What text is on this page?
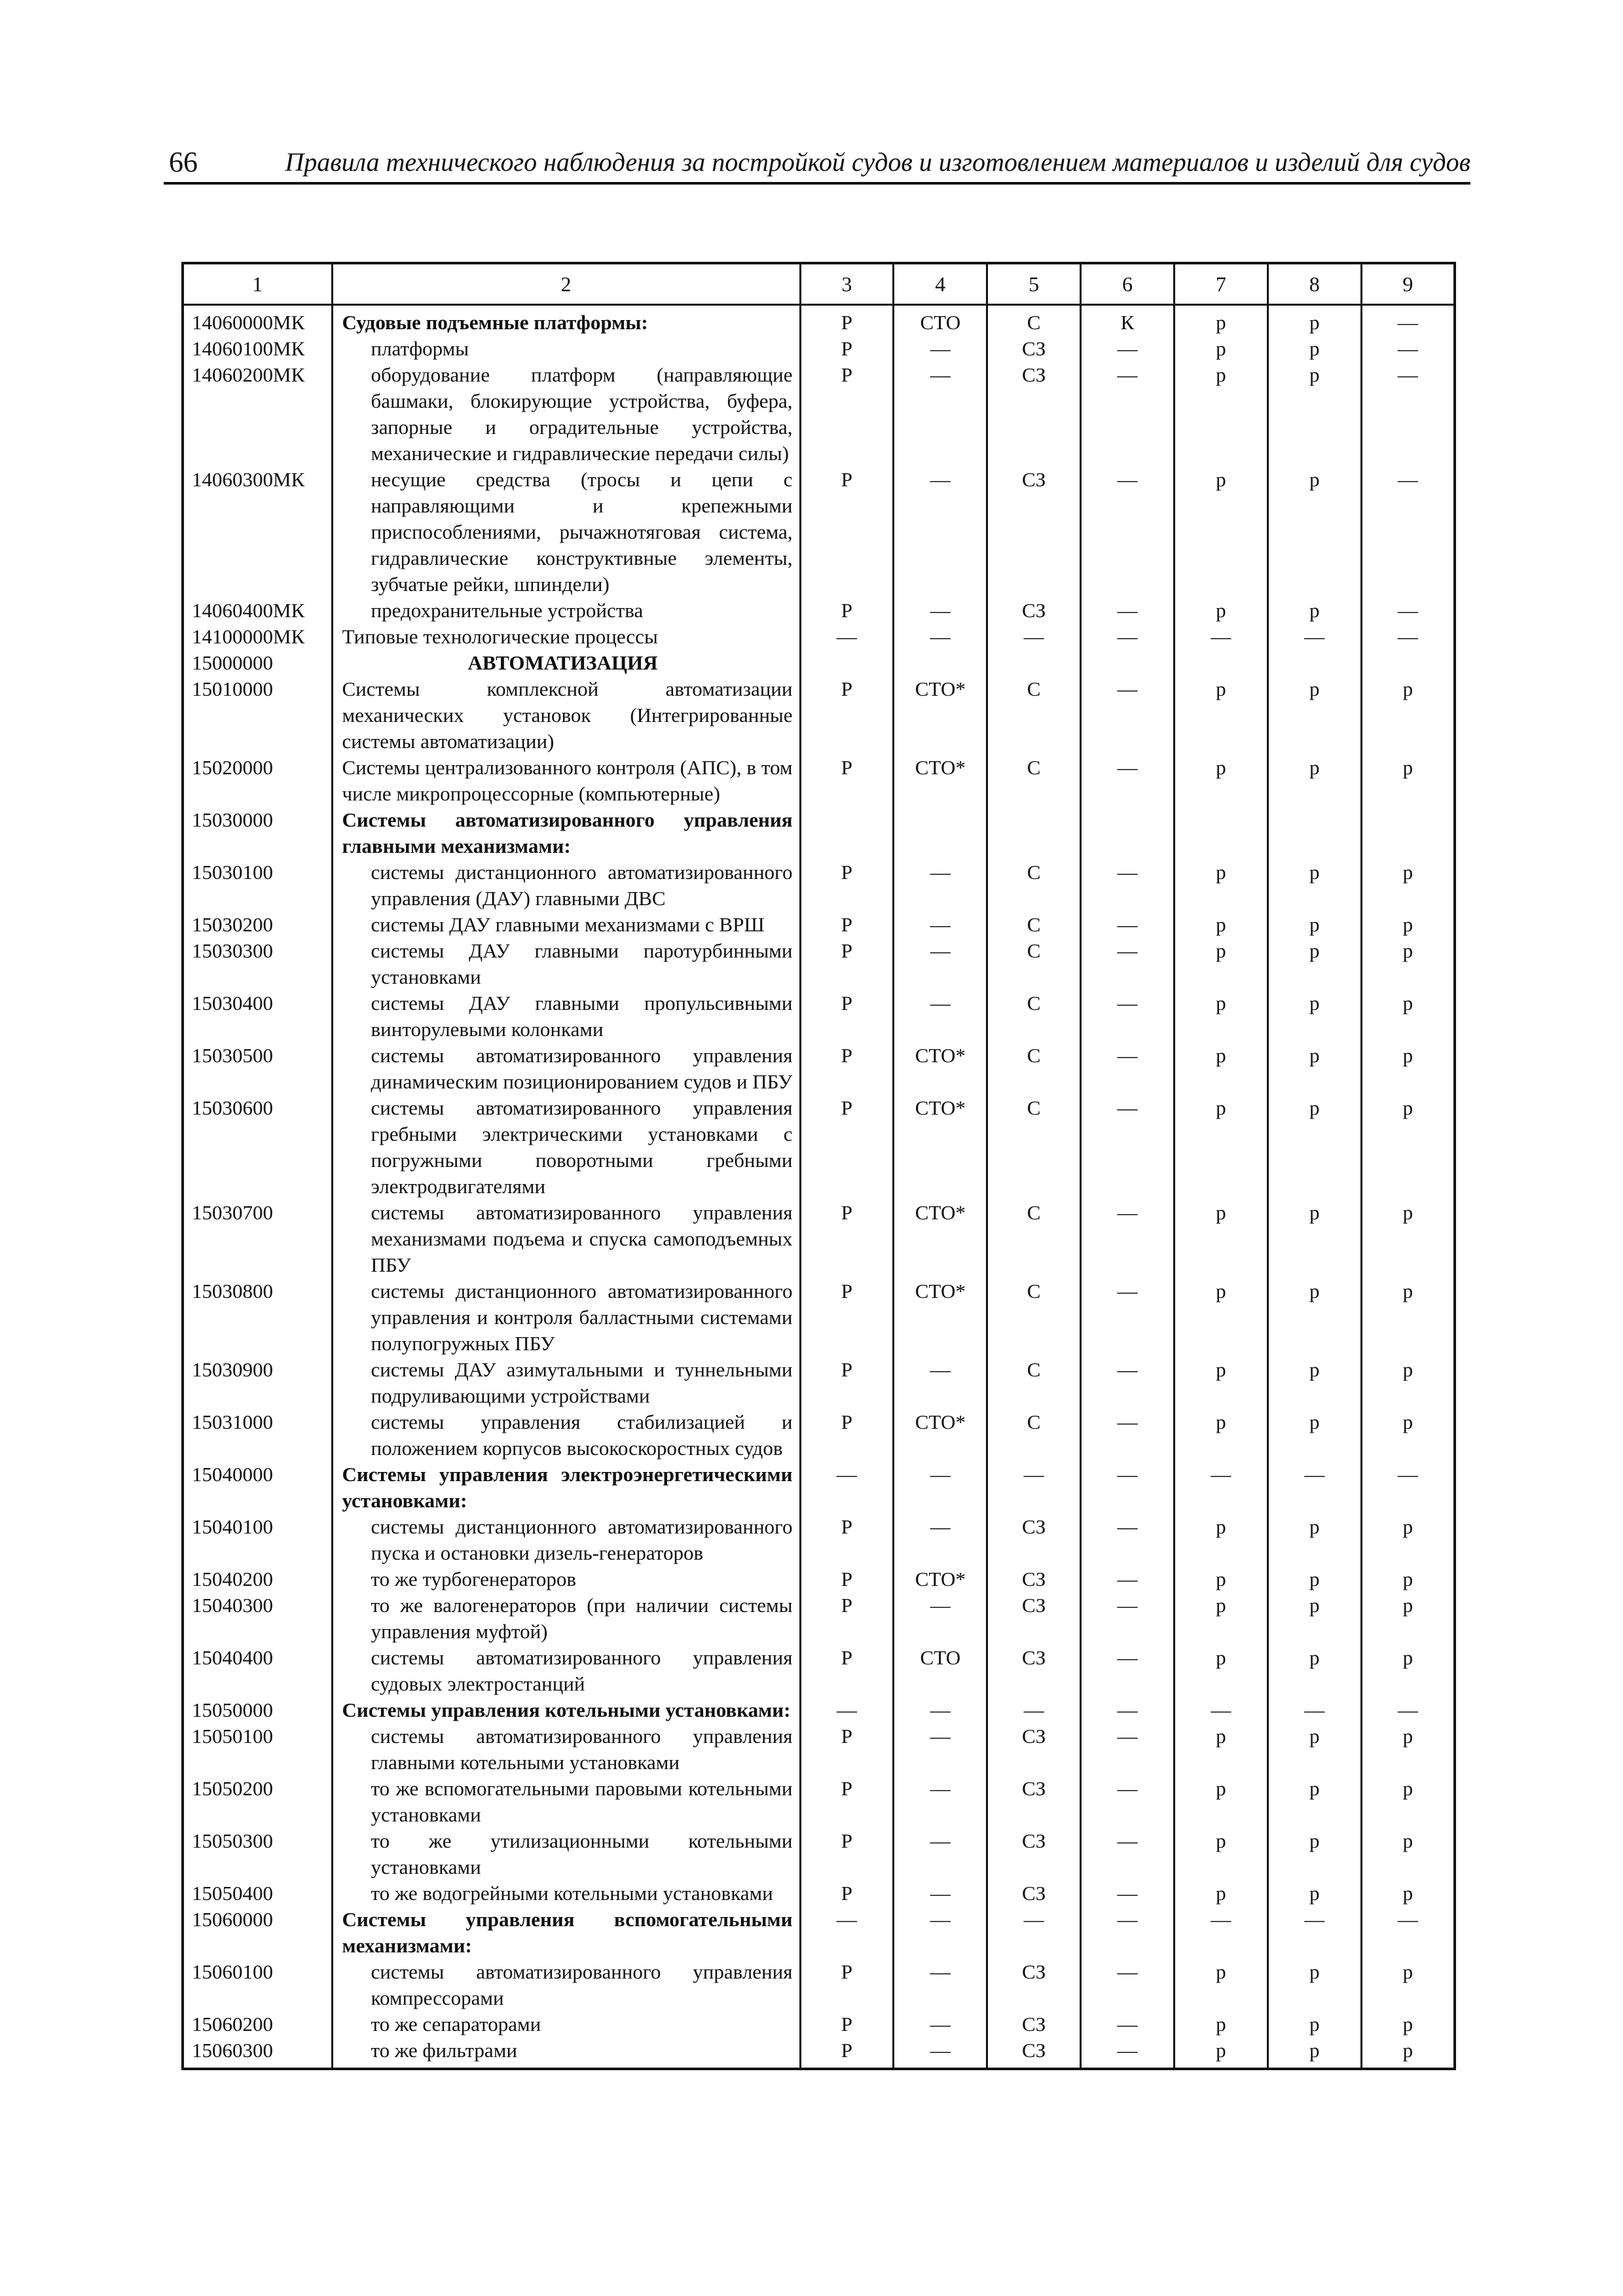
66	Правила технического наблюдения за постройкой судов и изготовлением материалов и изделий для судов
1	2	3	4	5	6	7	8	9
14060000МК	Судовые подъемные платформы:	Р	СТО	С	К	р	р	—
14060100МК	платформы	Р	—	СЗ	—	р	р	—
14060200МК	оборудование платформ (направляющие башмаки, блокирующие устройства, буфера, запорные и оградительные устройства, механические и гидравлические передачи силы)	Р	—	СЗ	—	р	р	—
14060300МК	несущие средства (тросы и цепи с направляющими и крепежными приспособлениями, рычажнотяговая система, гидравлические конструктивные элементы, зубчатые рейки, шпиндели)	Р	—	СЗ	—	р	р	—
14060400МК	предохранительные устройства	Р	—	СЗ	—	р	р	—
14100000МК	Типовые технологические процессы	—	—	—	—	—	—	—
15000000	АВТОМАТИЗАЦИЯ							
15010000	Системы комплексной автоматизации механических установок (Интегрированные системы автоматизации)	Р	СТО*	С	—	р	р	р
15020000	Системы централизованного контроля (АПС), в том числе микропроцессорные (компьютерные)	Р	СТО*	С	—	р	р	р
15030000	Системы автоматизированного управления главными механизмами:							
15030100	системы дистанционного автоматизированного управления (ДАУ) главными ДВС	Р	—	С	—	р	р	р
15030200	системы ДАУ главными механизмами с ВРШ	Р	—	С	—	р	р	р
15030300	системы ДАУ главными паротурбинными установками	Р	—	С	—	р	р	р
15030400	системы ДАУ главными пропульсивными винторулевыми колонками	Р	—	С	—	р	р	р
15030500	системы автоматизированного управления динамическим позиционированием судов и ПБУ	Р	СТО*	С	—	р	р	р
15030600	системы автоматизированного управления гребными электрическими установками с погружными поворотными гребными электродвигателями	Р	СТО*	С	—	р	р	р
15030700	системы автоматизированного управления механизмами подъема и спуска самоподъемных ПБУ	Р	СТО*	С	—	р	р	р
15030800	системы дистанционного автоматизированного управления и контроля балластными системами полупогружных ПБУ	Р	СТО*	С	—	р	р	р
15030900	системы ДАУ азимутальными и туннельными подруливающими устройствами	Р	—	С	—	р	р	р
15031000	системы управления стабилизацией и положением корпусов высокоскоростных судов	Р	СТО*	С	—	р	р	р
15040000	Системы управления электроэнергетическими установками:	—	—	—	—	—	—	—
15040100	системы дистанционного автоматизированного пуска и остановки дизель-генераторов	Р	—	СЗ	—	р	р	р
15040200	то же турбогенераторов	Р	СТО*	СЗ	—	р	р	р
15040300	то же валогенераторов (при наличии системы управления муфтой)	Р	—	СЗ	—	р	р	р
15040400	системы автоматизированного управления судовых электростанций	Р	СТО	СЗ	—	р	р	р
15050000	Системы управления котельными установками:	—	—	—	—	—	—	—
15050100	системы автоматизированного управления главными котельными установками	Р	—	СЗ	—	р	р	р
15050200	то же вспомогательными паровыми котельными установками	Р	—	СЗ	—	р	р	р
15050300	то же утилизационными котельными установками	Р	—	СЗ	—	р	р	р
15050400	то же водогрейными котельными установками	Р	—	СЗ	—	р	р	р
15060000	Системы управления вспомогательными механизмами:	—	—	—	—	—	—	—
15060100	системы автоматизированного управления компрессорами	Р	—	СЗ	—	р	р	р
15060200	то же сепараторами	Р	—	СЗ	—	р	р	р
15060300	то же фильтрами	Р	—	СЗ	—	р	р	р
